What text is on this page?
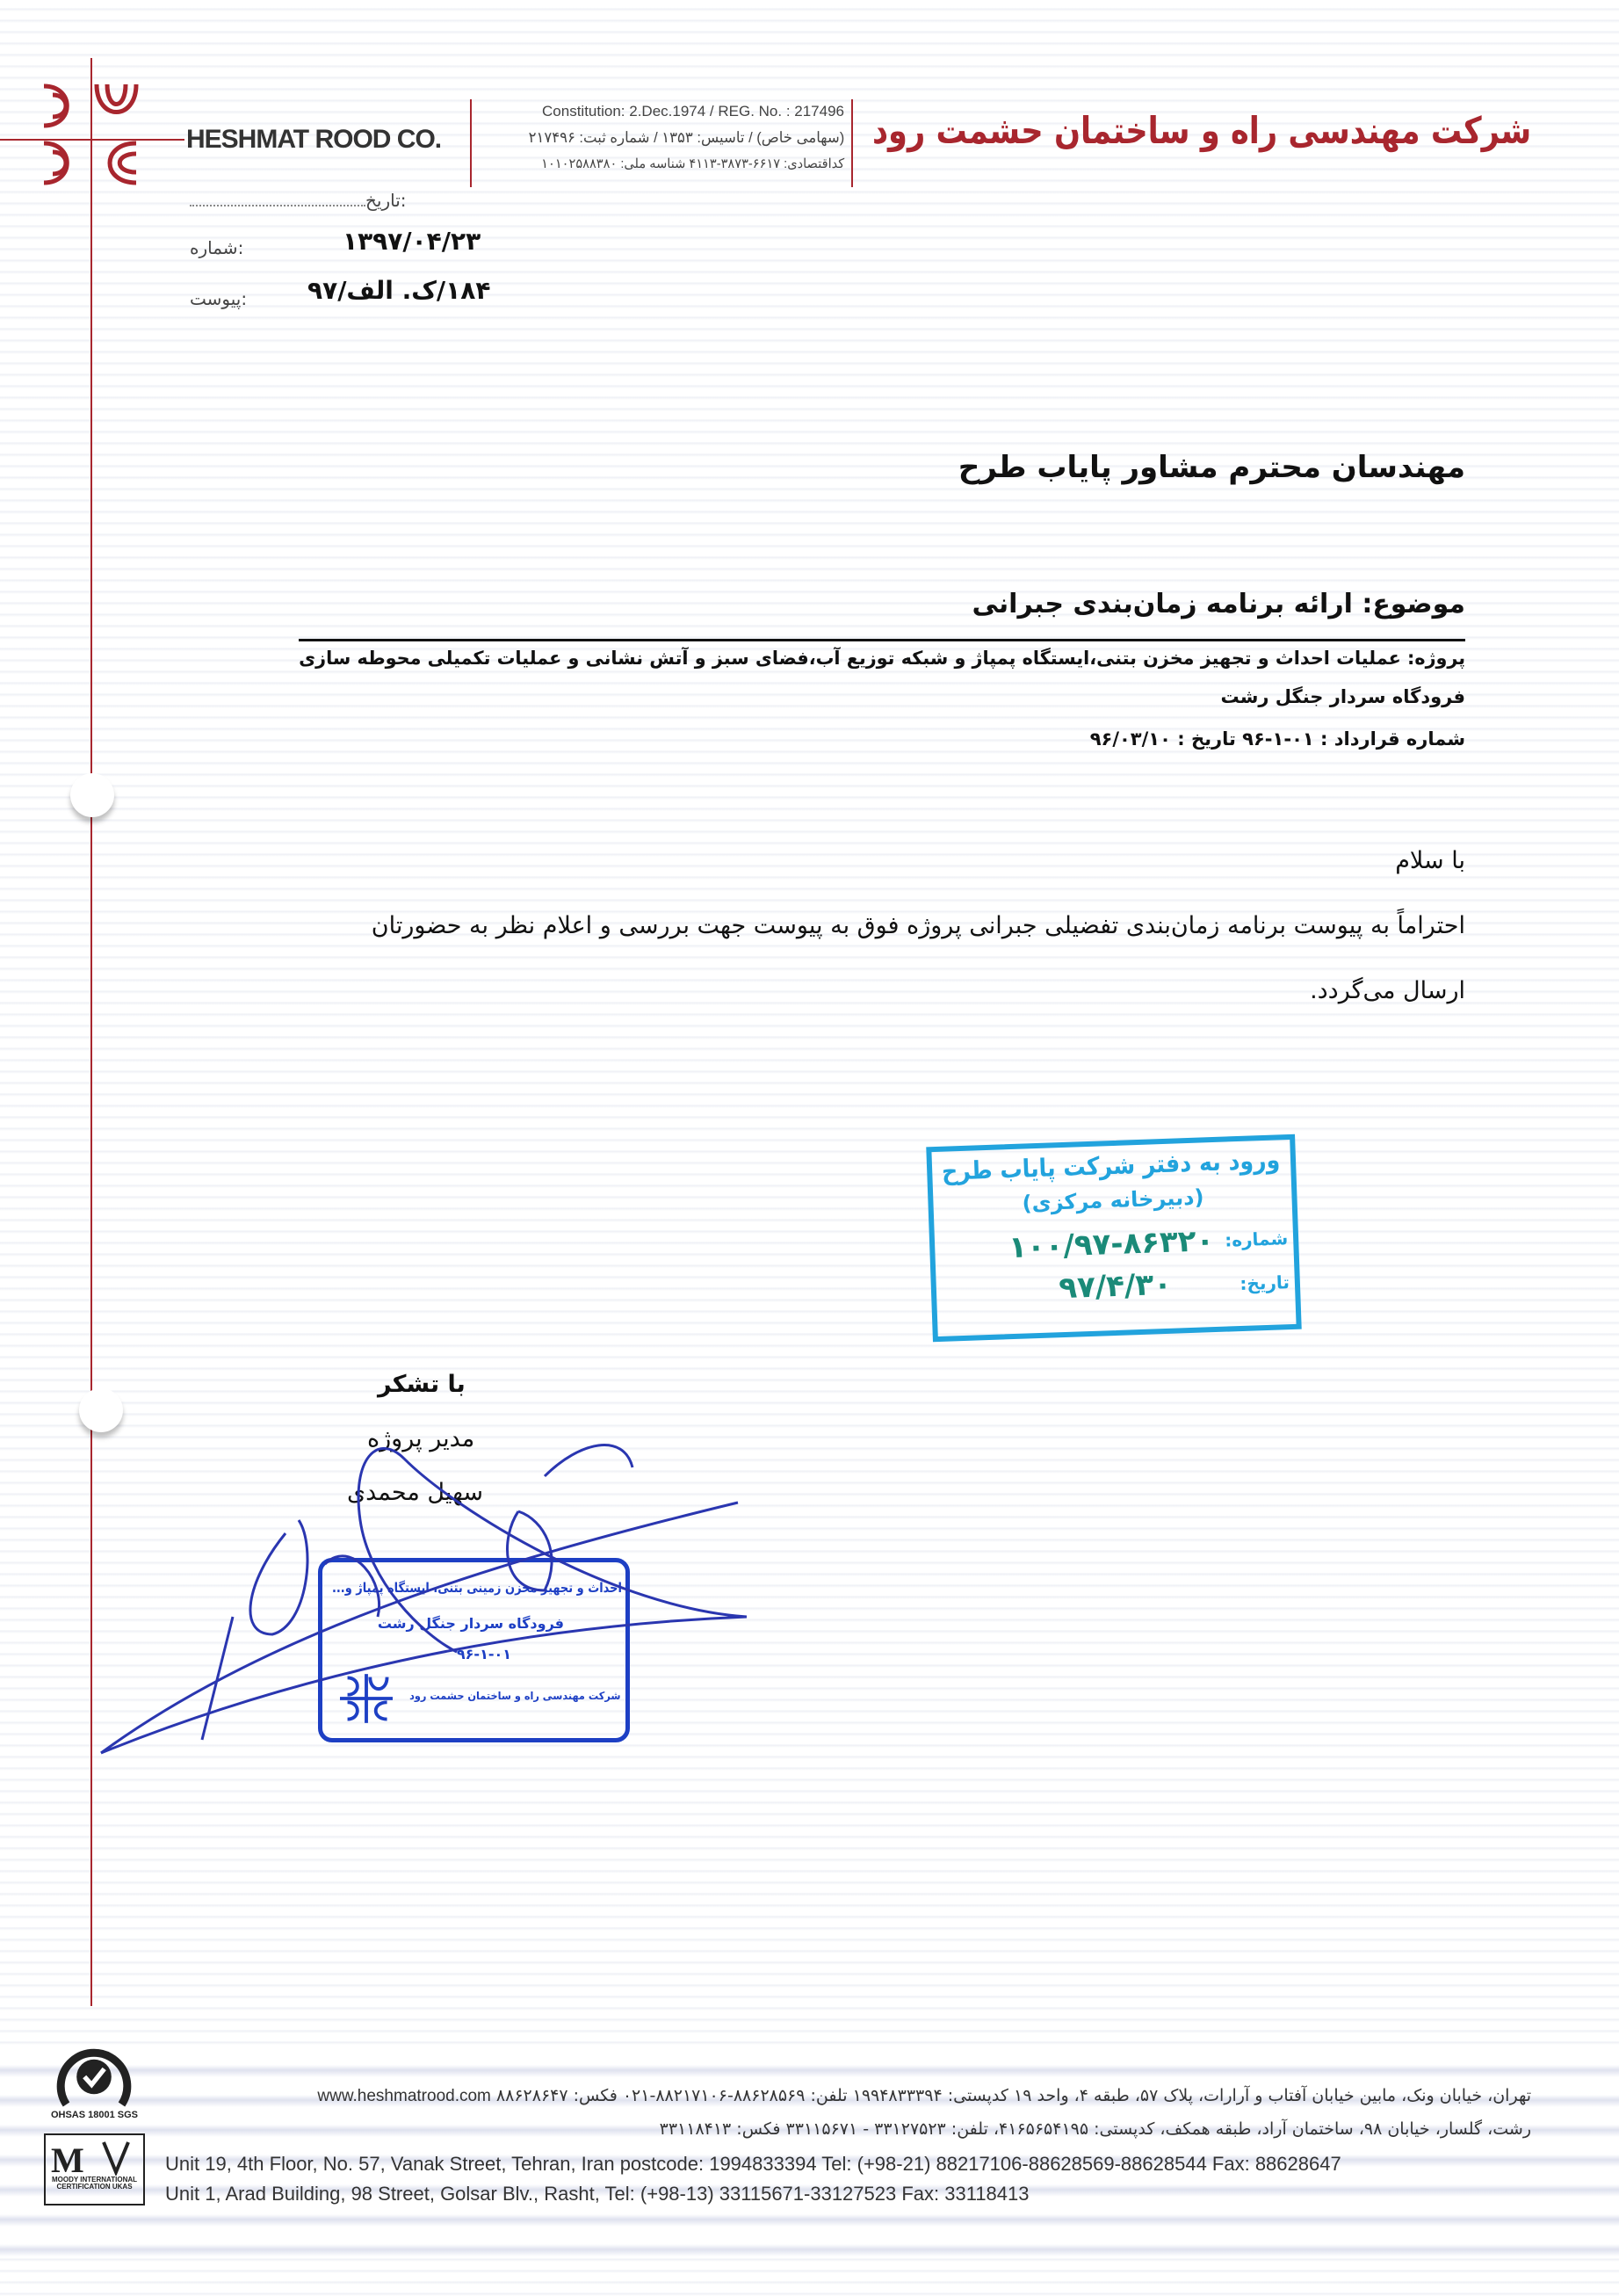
HESHMAT ROOD CO.
Constitution: 2.Dec.1974 / REG. No. : 217496
(سهامی خاص) / تاسیس: ۱۳۵۳ / شماره ثبت: ۲۱۷۴۹۶
کداقتصادی: ۶۶۱۷-۳۸۷۳-۴۱۱۳ شناسه ملی: ۱۰۱۰۲۵۸۸۳۸۰
شرکت مهندسی راه و ساختمان حشمت رود
تاریخ:
شماره:	۱۳۹۷/۰۴/۲۳
پیوست: ۱۸۴/ک. الف/۹۷
مهندسان محترم مشاور پایاب طرح
موضوع: ارائه برنامه زمان‌بندی جبرانی
پروژه: عملیات احداث و تجهیز مخزن بتنی،ایستگاه پمپاژ و شبکه توزیع آب،فضای سبز و آتش نشانی و عملیات تکمیلی محوطه سازی
فرودگاه سردار جنگل رشت
شماره قرارداد : ۰۱-۱-۹۶ تاریخ : ۹۶/۰۳/۱۰
با سلام
احتراماً به پیوست برنامه زمان‌بندی تفضیلی جبرانی پروژه فوق به پیوست جهت بررسی و اعلام نظر به حضورتان
ارسال می‌گردد.
ورود به دفتر شرکت پایاب طرح
(دبیرخانه مرکزی)
شماره:
۱۰۰/۹۷-۸۶۳۲۰
تاریخ:
۹۷/۴/۳۰
با تشکر
مدیر پروژه
سهیل محمدی
احداث و تجهیز مخزن زمینی بتنی، ایستگاه پمپاژ و...
فرودگاه سردار جنگل رشت
۹۶-۱-۰۱
شرکت مهندسی راه و ساختمان حشمت رود
OHSAS 18001 SGS
M
MOODY INTERNATIONAL CERTIFICATION UKAS
تهران، خیابان ونک، مابین خیابان آفتاب و آرارات، پلاک ۵۷، طبقه ۴، واحد ۱۹ کدپستی: ۱۹۹۴۸۳۳۳۹۴ تلفن: ۸۸۶۲۸۵۶۹-۸۸۲۱۷۱۰۶-۰۲۱ فکس: ۸۸۶۲۸۶۴۷ www.heshmatrood.com
رشت، گلسار، خیابان ۹۸، ساختمان آراد، طبقه همکف، کدپستی: ۴۱۶۵۶۵۴۱۹۵، تلفن: ۳۳۱۲۷۵۲۳ - ۳۳۱۱۵۶۷۱ فکس: ۳۳۱۱۸۴۱۳
Unit 19, 4th Floor, No. 57, Vanak Street, Tehran, Iran postcode: 1994833394 Tel: (+98-21) 88217106-88628569-88628544 Fax: 88628647
Unit 1, Arad Building, 98 Street, Golsar Blv., Rasht, Tel: (+98-13) 33115671-33127523 Fax: 33118413
